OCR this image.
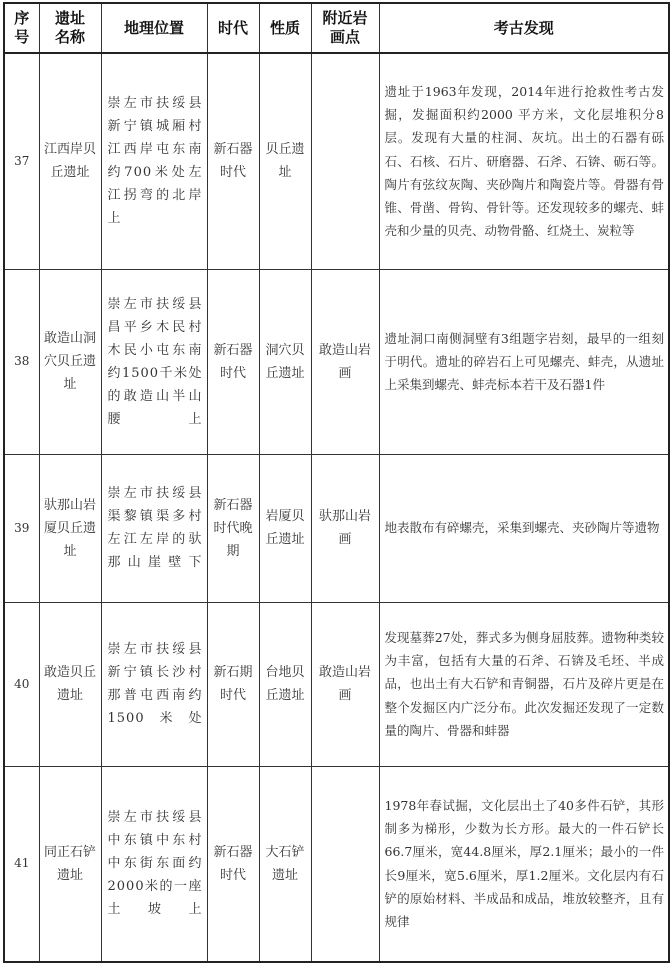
序号	遗址名称	地理位置	时代	性质	附近岩画点	考古发现
37	江西岸贝丘遗址	崇左市扶绥县新宁镇城厢村江西岸屯东南约700米处左江拐弯的北岸上	新石器时代	贝丘遗址		遗址于1963年发现，2014年进行抢救性考古发掘，发掘面积约2000 平方米，文化层堆积分8层。发现有大量的柱洞、灰坑。出土的石器有砾石、石核、石片、研磨器、石斧、石锛、砺石等。陶片有弦纹灰陶、夹砂陶片和陶瓷片等。骨器有骨锥、骨凿、骨钩、骨针等。还发现较多的螺壳、蚌壳和少量的贝壳、动物骨骼、红烧土、炭粒等
38	敢造山洞穴贝丘遗址	崇左市扶绥县昌平乡木民村木民小屯东南约1500千米处的敢造山半山腰上	新石器时代	洞穴贝丘遗址	敢造山岩画	遗址洞口南侧洞壁有3组题字岩刻，最早的一组刻于明代。遗址的碎岩石上可见螺壳、蚌壳，从遗址上采集到螺壳、蚌壳标本若干及石器1件
39	驮那山岩厦贝丘遗址	崇左市扶绥县渠黎镇渠多村左江左岸的驮那山崖壁下	新石器时代晚期	岩厦贝丘遗址	驮那山岩画	地表散布有碎螺壳，采集到螺壳、夹砂陶片等遗物
40	敢造贝丘遗址	崇左市扶绥县新宁镇长沙村那普屯西南约1500米处	新石期时代	台地贝丘遗址	敢造山岩画	发现墓葬27处，葬式多为侧身屈肢葬。遗物种类较为丰富，包括有大量的石斧、石锛及毛坯、半成品，也出土有大石铲和青铜器，石片及碎片更是在整个发掘区内广泛分布。此次发掘还发现了一定数量的陶片、骨器和蚌器
41	同正石铲遗址	崇左市扶绥县中东镇中东村中东街东面约2000米的一座土坡上	新石器时代	大石铲遗址		1978年春试掘，文化层出土了40多件石铲，其形制多为梯形，少数为长方形。最大的一件石铲长66.7厘米，宽44.8厘米，厚2.1厘米；最小的一件长9厘米，宽5.6厘米，厚1.2厘米。文化层内有石铲的原始材料、半成品和成品，堆放较整齐，且有规律
